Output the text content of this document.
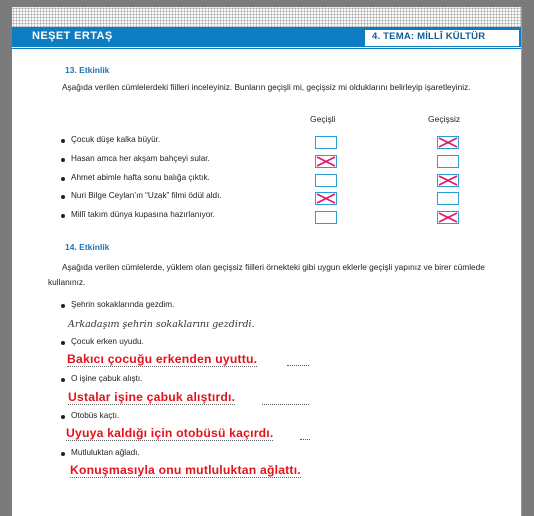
NEŞET ERTAŞ	4. TEMA: MİLLÎ KÜLTÜR
13. Etkinlik
Aşağıda verilen cümlelerdeki fiilleri inceleyiniz. Bunların geçişli mi, geçişsiz mi olduklarını belirleyip işaretleyiniz.
Geçişli	Geçişsiz
Çocuk düşe kalka büyür.
Hasan amca her akşam bahçeyi sular.
Ahmet abimle hafta sonu balığa çıktık.
Nuri Bilge Ceylan’ın “Uzak” filmi ödül aldı.
Millî takım dünya kupasına hazırlanıyor.
14. Etkinlik
Aşağıda verilen cümlelerde, yüklem olan geçişsiz fiilleri örnekteki gibi uygun eklerle geçişli yapınız ve birer cümlede kullanınız.
Şehrin sokaklarında gezdim.
Arkadaşım şehrin sokaklarını gezdirdi.
Çocuk erken uyudu.
Bakıcı çocuğu erkenden uyuttu.
O işine çabuk alıştı.
Ustalar işine çabuk alıştırdı.
Otobüs kaçtı.
Uyuya kaldığı için otobüsü kaçırdı.
Mutluluktan ağladı.
Konuşmasıyla onu mutluluktan ağlattı.
